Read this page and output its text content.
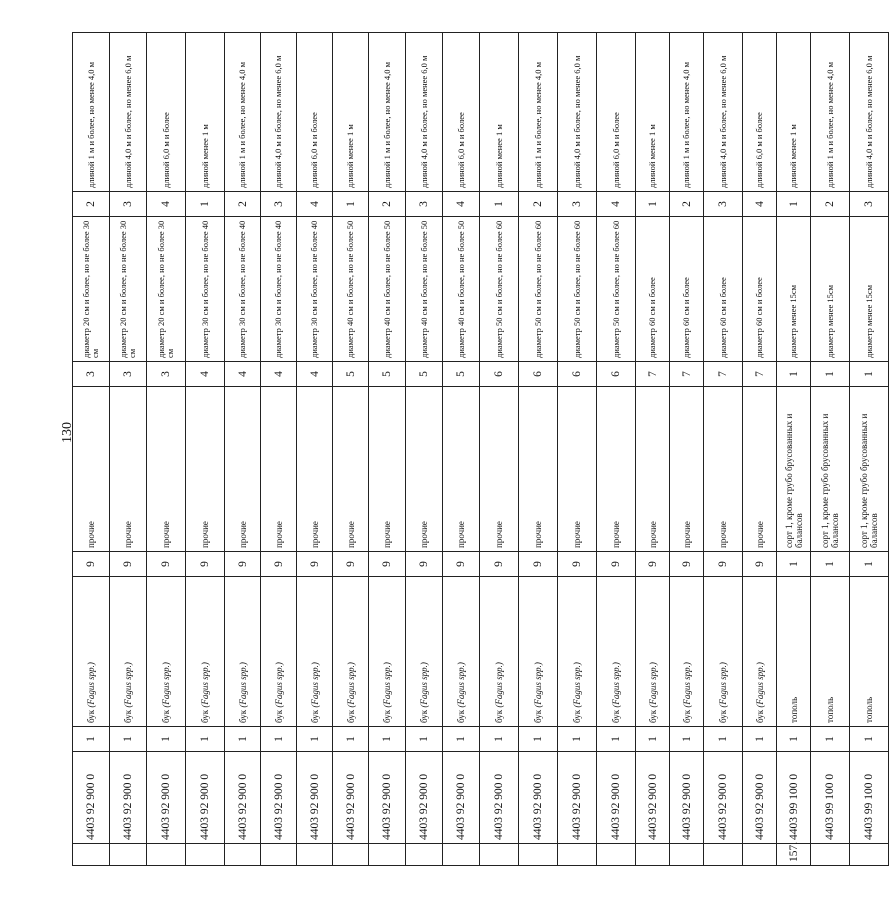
130
	4403 92 900 0	1	бук (Fagus spp.)	9	прочие	3	диаметр 20 см и более, но не более 30 см	2	длиной 1 м и более, но менее 4,0 м
	4403 92 900 0	1	бук (Fagus spp.)	9	прочие	3	диаметр 20 см и более, но не более 30 см	3	длиной 4,0 м и более, но менее 6,0 м
	4403 92 900 0	1	бук (Fagus spp.)	9	прочие	3	диаметр 20 см и более, но не более 30 см	4	длиной 6,0 м и более
	4403 92 900 0	1	бук (Fagus spp.)	9	прочие	4	диаметр 30 см и более, но не более 40	1	длиной менее 1 м
	4403 92 900 0	1	бук (Fagus spp.)	9	прочие	4	диаметр 30 см и более, но не более 40	2	длиной 1 м и более, но менее 4,0 м
	4403 92 900 0	1	бук (Fagus spp.)	9	прочие	4	диаметр 30 см и более, но не более 40	3	длиной 4,0 м и более, но менее 6,0 м
	4403 92 900 0	1	бук (Fagus spp.)	9	прочие	4	диаметр 30 см и более, но не более 40	4	длиной 6,0 м и более
	4403 92 900 0	1	бук (Fagus spp.)	9	прочие	5	диаметр 40 см и более, но не более 50	1	длиной менее 1 м
	4403 92 900 0	1	бук (Fagus spp.)	9	прочие	5	диаметр 40 см и более, но не более 50	2	длиной 1 м и более, но менее 4,0 м
	4403 92 900 0	1	бук (Fagus spp.)	9	прочие	5	диаметр 40 см и более, но не более 50	3	длиной 4,0 м и более, но менее 6,0 м
	4403 92 900 0	1	бук (Fagus spp.)	9	прочие	5	диаметр 40 см и более, но не более 50	4	длиной 6,0 м и более
	4403 92 900 0	1	бук (Fagus spp.)	9	прочие	6	диаметр 50 см и более, но не более 60	1	длиной менее 1 м
	4403 92 900 0	1	бук (Fagus spp.)	9	прочие	6	диаметр 50 см и более, но не более 60	2	длиной 1 м и более, но менее 4,0 м
	4403 92 900 0	1	бук (Fagus spp.)	9	прочие	6	диаметр 50 см и более, но не более 60	3	длиной 4,0 м и более, но менее 6,0 м
	4403 92 900 0	1	бук (Fagus spp.)	9	прочие	6	диаметр 50 см и более, но не более 60	4	длиной 6,0 м и более
	4403 92 900 0	1	бук (Fagus spp.)	9	прочие	7	диаметр 60 см и более	1	длиной менее 1 м
	4403 92 900 0	1	бук (Fagus spp.)	9	прочие	7	диаметр 60 см и более	2	длиной 1 м и более, но менее 4,0 м
	4403 92 900 0	1	бук (Fagus spp.)	9	прочие	7	диаметр 60 см и более	3	длиной 4,0 м и более, но менее 6,0 м
	4403 92 900 0	1	бук (Fagus spp.)	9	прочие	7	диаметр 60 см и более	4	длиной 6,0 м и более
157.	4403 99 100 0	1	тополь	1	сорт 1, кроме грубо брусованных и балансов	1	диаметр менее 15см	1	длиной менее 1 м
	4403 99 100 0	1	тополь	1	сорт 1, кроме грубо брусованных и балансов	1	диаметр менее 15см	2	длиной 1 м и более, но менее 4,0 м
	4403 99 100 0	1	тополь	1	сорт 1, кроме грубо брусованных и балансов	1	диаметр менее 15см	3	длиной 4,0 м и более, но менее 6,0 м
